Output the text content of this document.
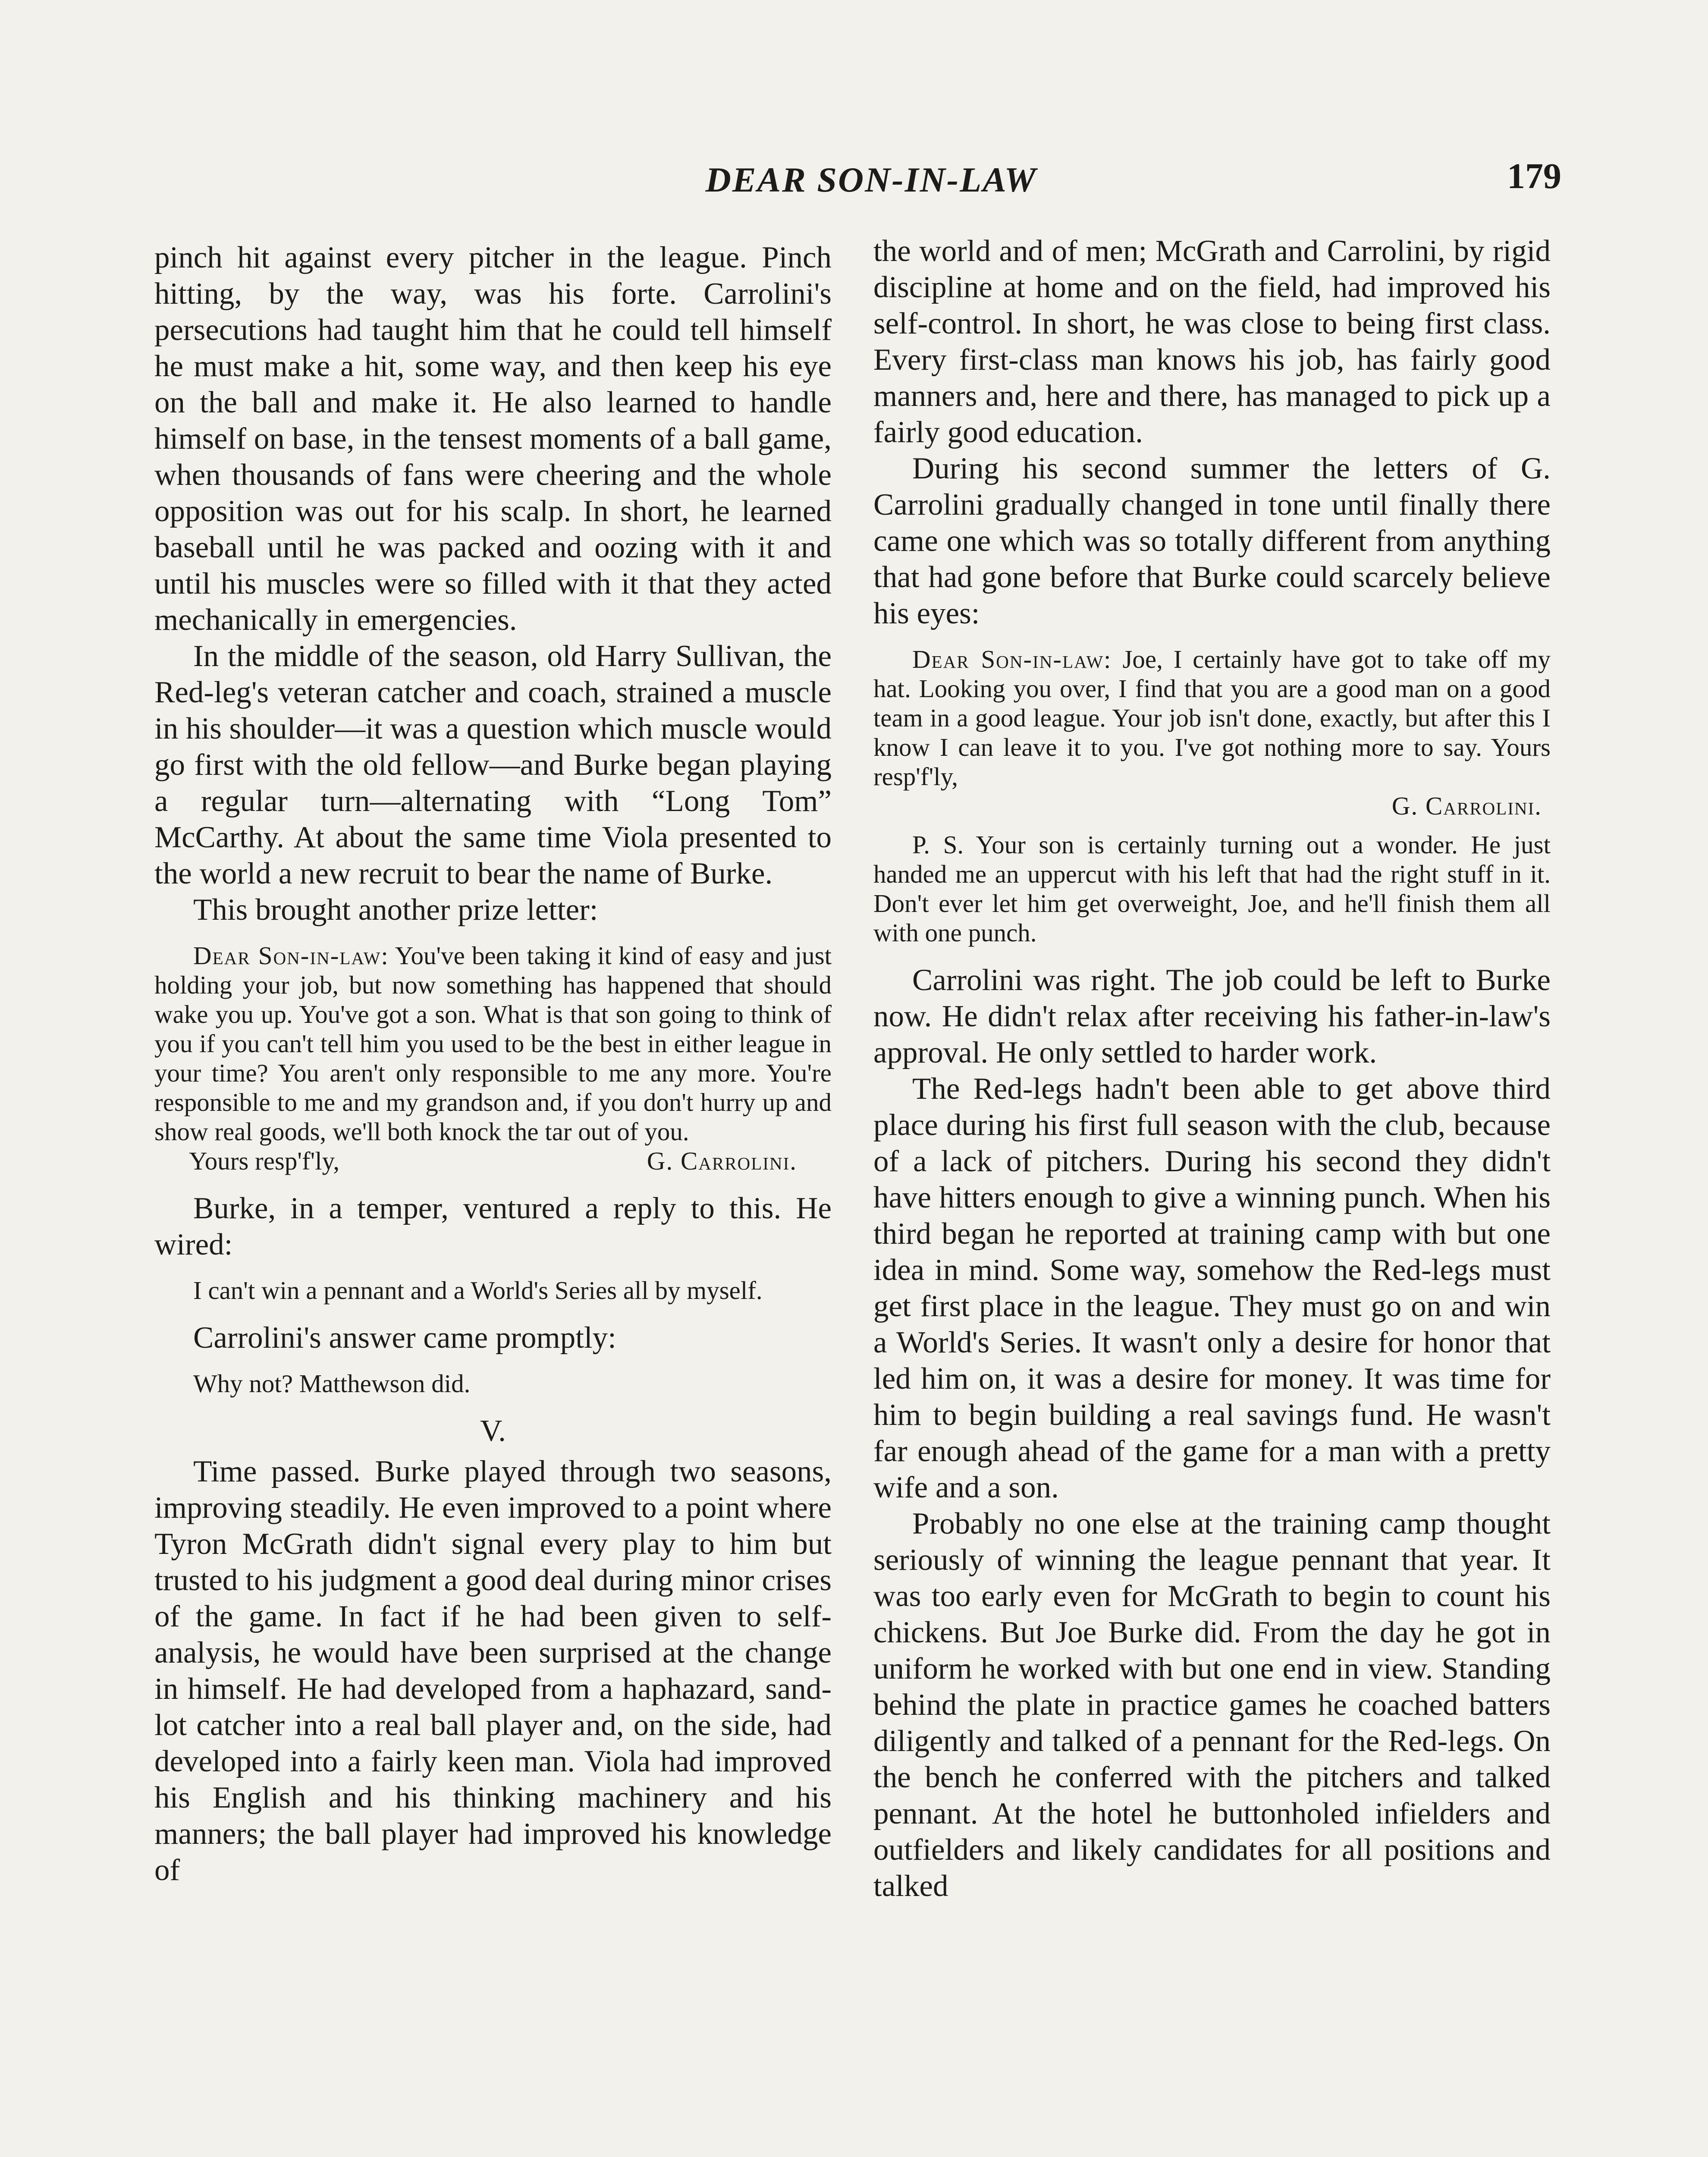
DEAR SON-IN-LAW	179

pinch hit against every pitcher in the league. Pinch hitting, by the way, was his forte. Carrolini's persecutions had taught him that he could tell himself he must make a hit, some way, and then keep his eye on the ball and make it. He also learned to handle himself on base, in the tensest moments of a ball game, when thousands of fans were cheering and the whole opposition was out for his scalp. In short, he learned baseball until he was packed and oozing with it and until his muscles were so filled with it that they acted mechanically in emergencies.

In the middle of the season, old Harry Sullivan, the Red-leg's veteran catcher and coach, strained a muscle in his shoulder—it was a question which muscle would go first with the old fellow—and Burke began playing a regular turn—alternating with “Long Tom” McCarthy. At about the same time Viola presented to the world a new recruit to bear the name of Burke.

This brought another prize letter:

Dear Son-in-law: You've been taking it kind of easy and just holding your job, but now something has happened that should wake you up. You've got a son. What is that son going to think of you if you can't tell him you used to be the best in either league in your time? You aren't only responsible to me any more. You're responsible to me and my grandson and, if you don't hurry up and show real goods, we'll both knock the tar out of you.

Yours resp'f'ly,	G. Carrolini.

Burke, in a temper, ventured a reply to this. He wired:

I can't win a pennant and a World's Series all by myself.

Carrolini's answer came promptly:

Why not? Matthewson did.

V.

Time passed. Burke played through two seasons, improving steadily. He even improved to a point where Tyron McGrath didn't signal every play to him but trusted to his judgment a good deal during minor crises of the game. In fact if he had been given to self-analysis, he would have been surprised at the change in himself. He had developed from a haphazard, sand-lot catcher into a real ball player and, on the side, had developed into a fairly keen man. Viola had improved his English and his thinking machinery and his manners; the ball player had improved his knowledge of

the world and of men; McGrath and Carrolini, by rigid discipline at home and on the field, had improved his self-control. In short, he was close to being first class. Every first-class man knows his job, has fairly good manners and, here and there, has managed to pick up a fairly good education.

During his second summer the letters of G. Carrolini gradually changed in tone until finally there came one which was so totally different from anything that had gone before that Burke could scarcely believe his eyes:

Dear Son-in-law: Joe, I certainly have got to take off my hat. Looking you over, I find that you are a good man on a good team in a good league. Your job isn't done, exactly, but after this I know I can leave it to you. I've got nothing more to say. Yours resp'f'ly,

G. Carrolini.

P. S. Your son is certainly turning out a wonder. He just handed me an uppercut with his left that had the right stuff in it. Don't ever let him get overweight, Joe, and he'll finish them all with one punch.

Carrolini was right. The job could be left to Burke now. He didn't relax after receiving his father-in-law's approval. He only settled to harder work.

The Red-legs hadn't been able to get above third place during his first full season with the club, because of a lack of pitchers. During his second they didn't have hitters enough to give a winning punch. When his third began he reported at training camp with but one idea in mind. Some way, somehow the Red-legs must get first place in the league. They must go on and win a World's Series. It wasn't only a desire for honor that led him on, it was a desire for money. It was time for him to begin building a real savings fund. He wasn't far enough ahead of the game for a man with a pretty wife and a son.

Probably no one else at the training camp thought seriously of winning the league pennant that year. It was too early even for McGrath to begin to count his chickens. But Joe Burke did. From the day he got in uniform he worked with but one end in view. Standing behind the plate in practice games he coached batters diligently and talked of a pennant for the Red-legs. On the bench he conferred with the pitchers and talked pennant. At the hotel he buttonholed infielders and outfielders and likely candidates for all positions and talked
